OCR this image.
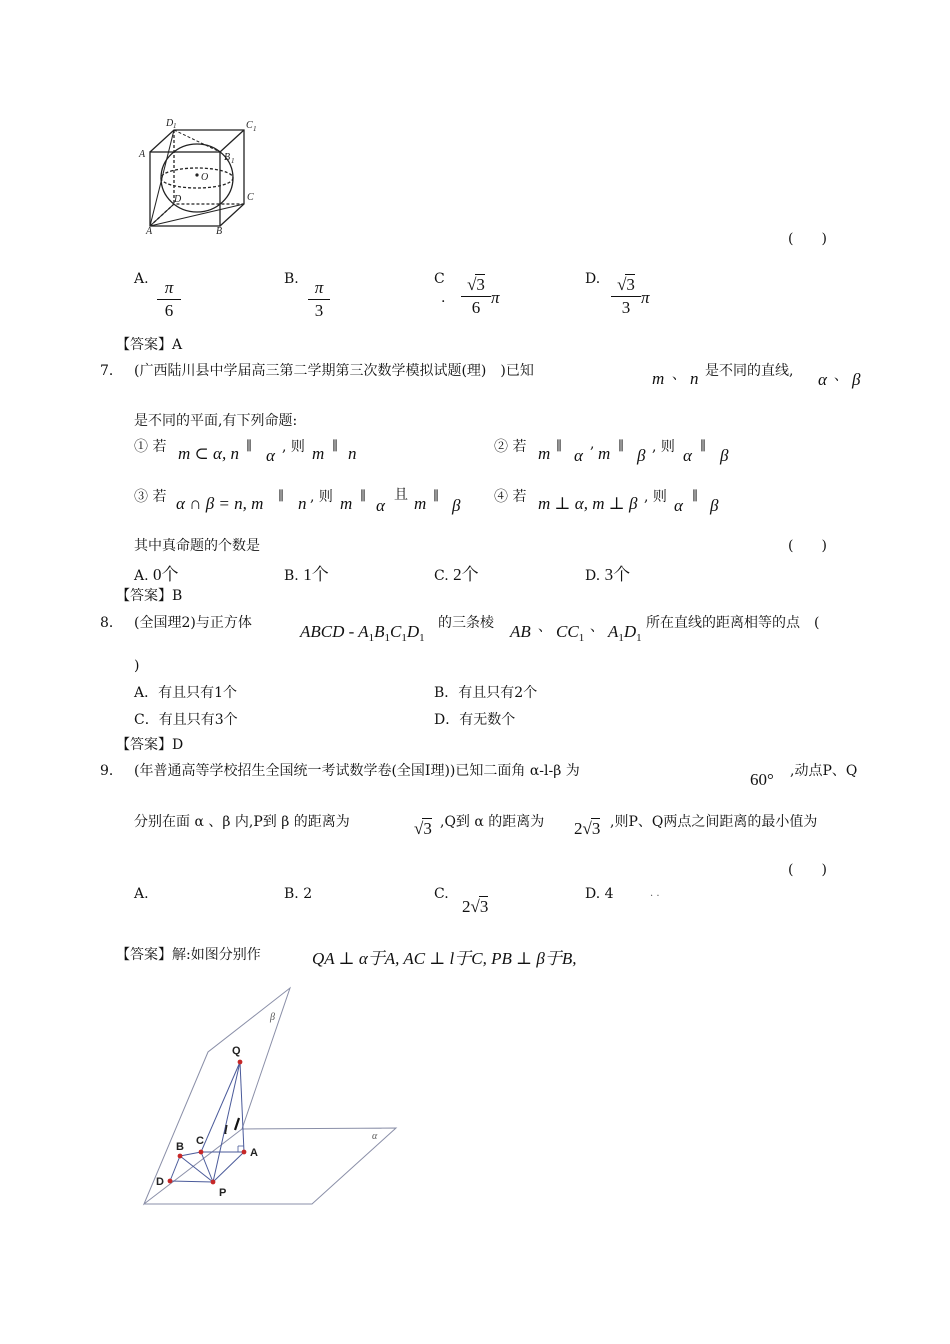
D 1	C 1
A	B 1
O
D	C
A	B	(　　)
A. π
6
B. π
3
C
.
√3
6
π
D. √3
3
π
【答案】A
7． (广西陆川县中学届高三第二学期第三次数学模拟试题(理)　)已知	m 、 n 是不同的直线, α 、 β
是不同的平面,有下列命题:
① 若 m ⊂ α, n ∥
α , 则 m ∥ n	② 若 m ∥
α
, m ∥
β , 则 α
∥
β
③ 若 α ∩ β = n, m ∥ n , 则 m ∥
α
且 m ∥
β ④ 若 m ⊥ α, m ⊥ β , 则 α
∥
β
其中真命题的个数是	(　　)
A. 0个	B. 1个	C. 2个	D. 3个
【答案】B
8． (全国理2)与正方体	ABCD - $A_1B_1C_1D_1$
的三条棱 AB 、 $CC_1$
、 $A_1D_1$
所在直线的距离相等的点　(
)
A．有且只有1个	B．有且只有2个
C．有且只有3个	D．有无数个
【答案】D
9． (年普通高等学校招生全国统一考试数学卷(全国Ⅰ理))已知二面角 α-l-β 为	60° ,动点P、Q
分别在面 α 、β 内,P到 β 的距离为	√3 ,Q到 α 的距离为 2√3 ,则P、Q两点之间距离的最小值为
(　　)
A.	B. 2	C.
2√3
D. 4	. .
【答案】解:如图分别作	QA ⊥ α于A, AC ⊥ l于C, PB ⊥ β于B,
β
Q
l	α
C
B	A
D
P
